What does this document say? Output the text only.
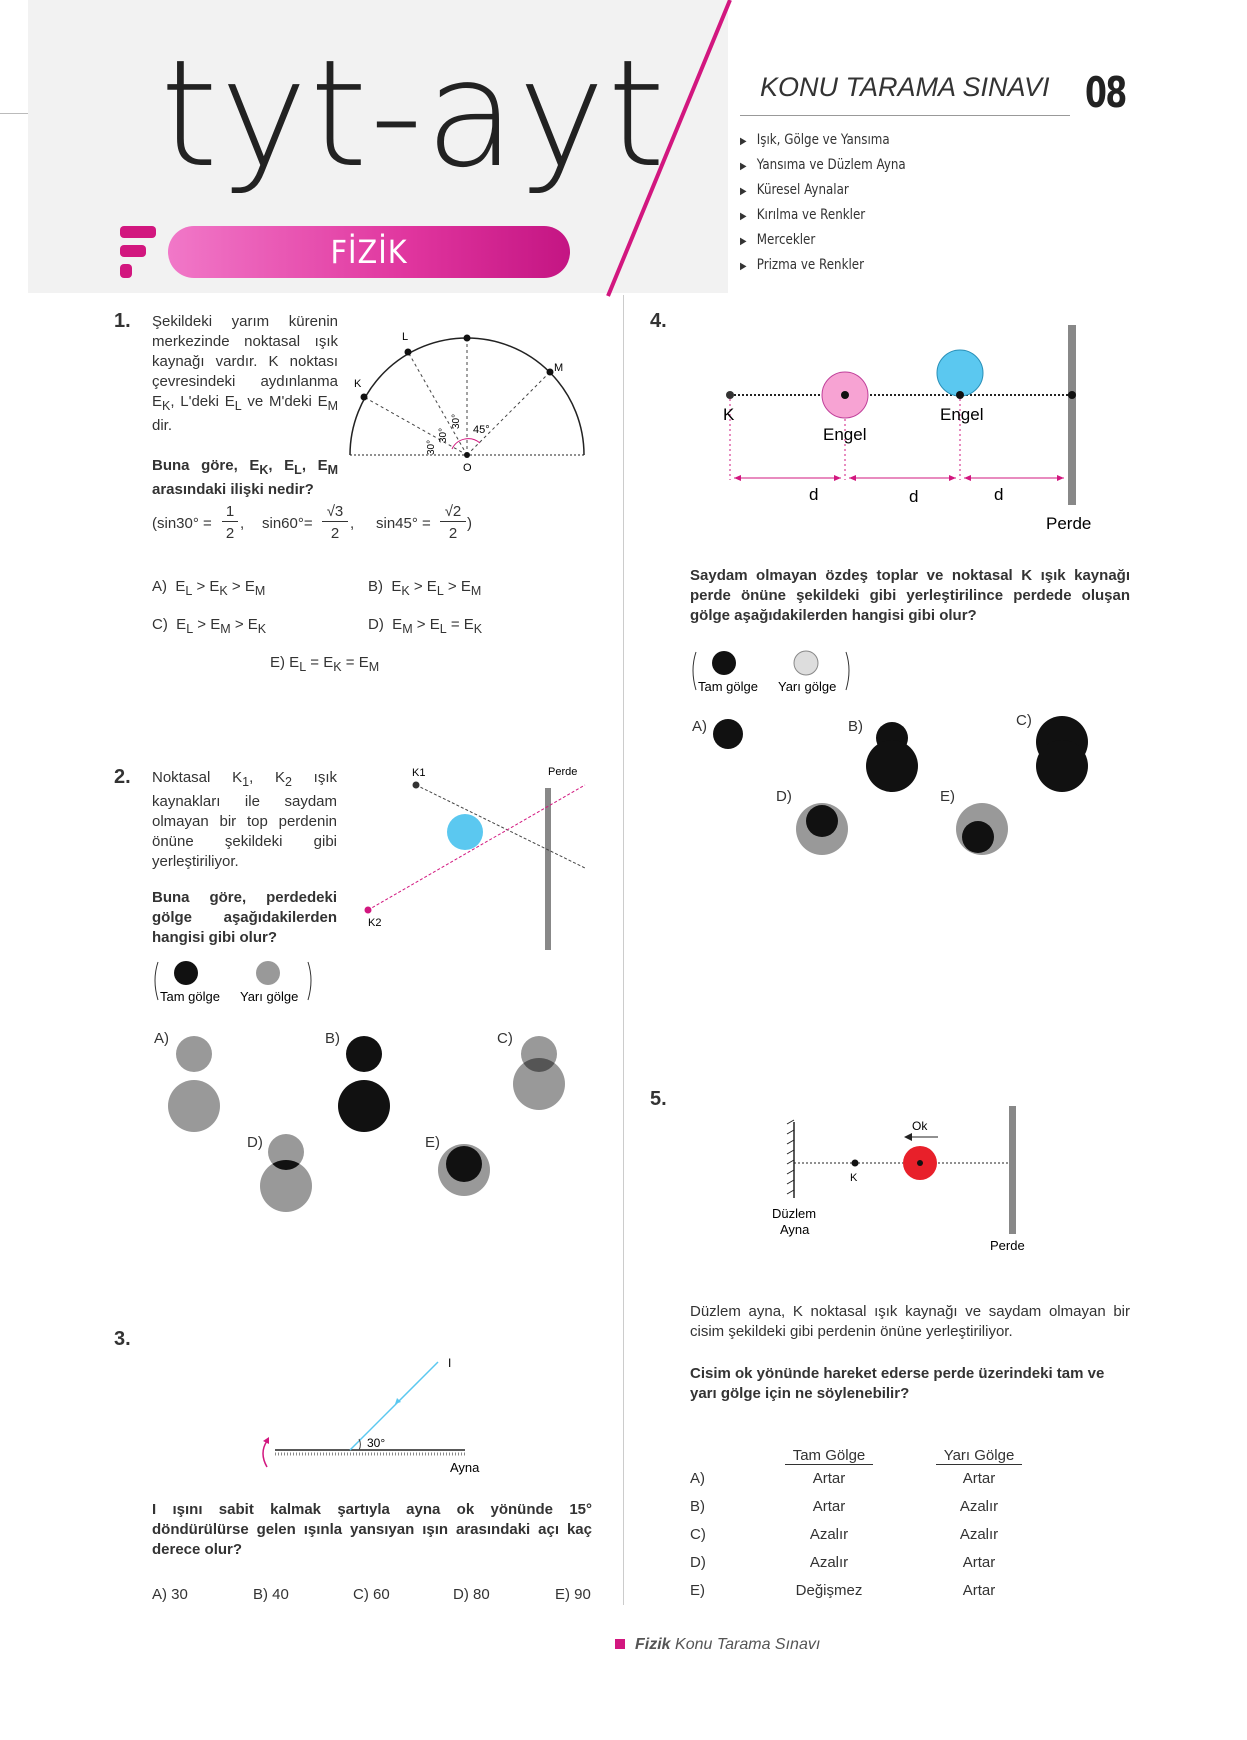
tyt-ayt
FİZİK
KONU TARAMA SINAVI 08
▶ Işık, Gölge ve Yansıma
▶ Yansıma ve Düzlem Ayna
▶ Küresel Aynalar
▶ Kırılma ve Renkler
▶ Mercekler
▶ Prizma ve Renkler
1. Şekildeki yarım kürenin merkezinde noktasal ışık kaynağı vardır. K noktası çevresindeki aydınlanma $E_K$, L'deki $E_L$ ve M'deki $E_M$ dir.
L
K
M
O
30°
30°
30°
45°
Buna göre, $E_K$, $E_L$, $E_M$ arasındaki ilişki nedir?
(sin30° =
1
2
, sin60°=
√3
2
, sin45° =
√2
2
)
A) $E_L > E_K > E_M$	B) $E_K > E_L > E_M$
C) $E_L > E_M > E_K$	D) $E_M > E_L = E_K$
E) $E_L = E_K = E_M$
2. Noktasal $K_1$, $K_2$ ışık kaynakları ile saydam olmayan bir top perdenin önüne şekildeki gibi yerleştiriliyor.
Buna göre, perdedeki gölge aşağıdakilerden hangisi gibi olur?
K1
K2
Perde
Tam gölge Yarı gölge
A)	B)	C)
D)	E)
3.
I
30°
Ayna
I ışını sabit kalmak şartıyla ayna ok yönünde 15° döndürülürse gelen ışınla yansıyan ışın arasındaki açı kaç derece olur?
A) 30	B) 40	C) 60	D) 80	E) 90
4.
K
Engel
Engel
d	d	d
Perde
Saydam olmayan özdeş toplar ve noktasal K ışık kaynağı perde önüne şekildeki gibi yerleştirilince perdede oluşan gölge aşağıdakilerden hangisi gibi olur?
Tam gölge Yarı gölge
A)	B)	C)
D)	E)
5.
Ok
K
Düzlem
Ayna
Perde
Düzlem ayna, K noktasal ışık kaynağı ve saydam olmayan bir cisim şekildeki gibi perdenin önüne yerleştiriliyor.
Cisim ok yönünde hareket ederse perde üzerindeki tam ve yarı gölge için ne söylenebilir?
	Tam Gölge	Yarı Gölge
A)	Artar	Artar
B)	Artar	Azalır
C)	Azalır	Azalır
D)	Azalır	Artar
E)	Değişmez	Artar
Fizik Konu Tarama Sınavı
